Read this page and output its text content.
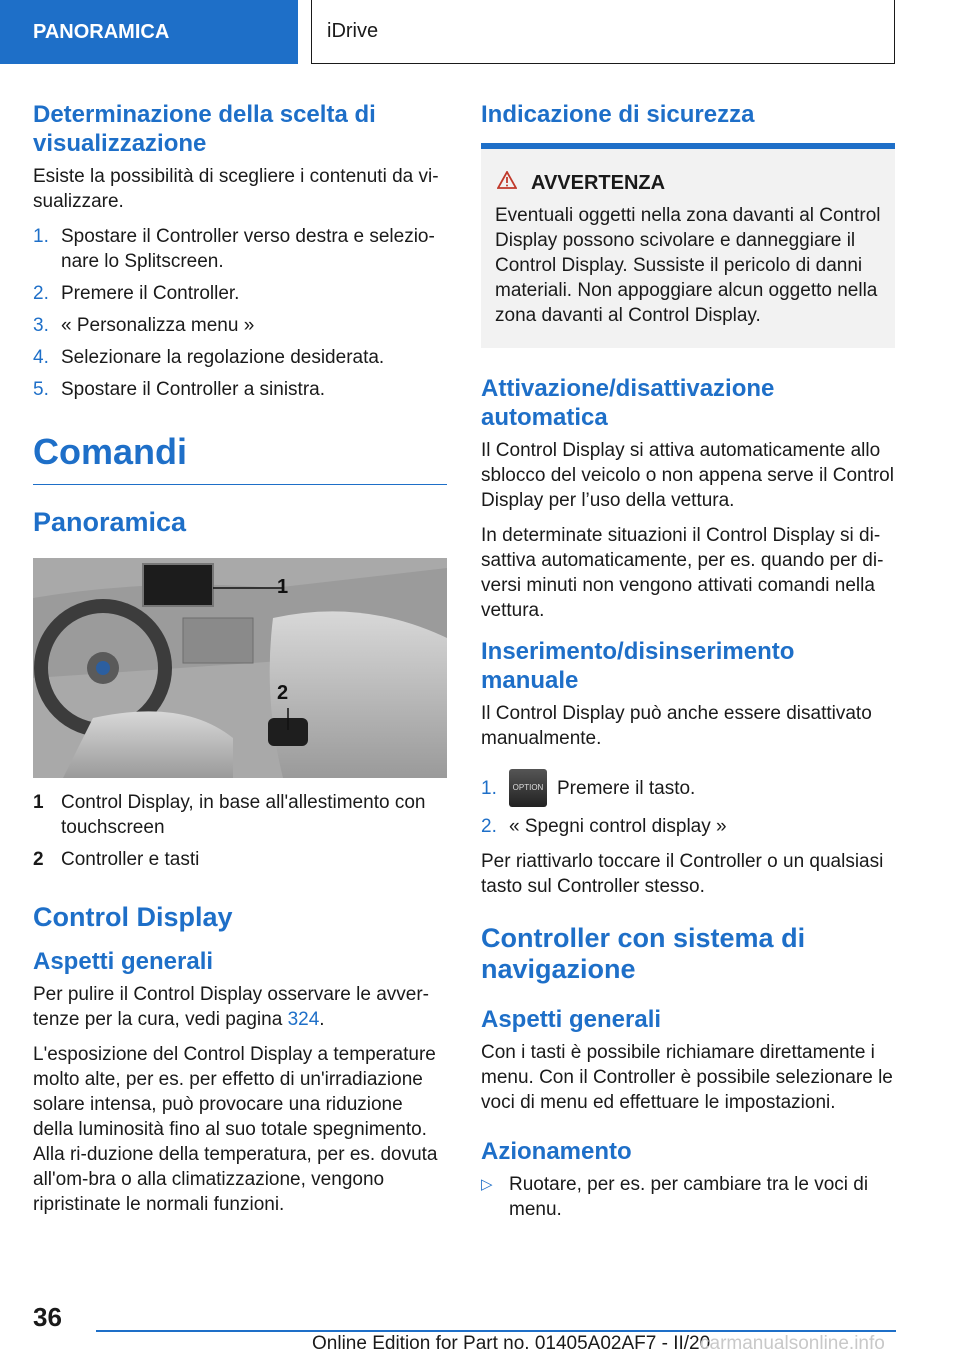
PANORAMICA	iDrive
Determinazione della scelta di visualizzazione

Esiste la possibilità di scegliere i contenuti da vi-sualizzare.

1. Spostare il Controller verso destra e selezio-nare lo Splitscreen.
2. Premere il Controller.
3. « Personalizza menu »
4. Selezionare la regolazione desiderata.
5. Spostare il Controller a sinistra.
Comandi
Panoramica
1
2
1 Control Display, in base all'allestimento con touchscreen
2 Controller e tasti
Control Display
Aspetti generali

Per pulire il Control Display osservare le avver-tenze per la cura, vedi pagina 324.

L'esposizione del Control Display a temperature molto alte, per es. per effetto di un'irradiazione solare intensa, può provocare una riduzione della luminosità fino al suo totale spegnimento. Alla ri-duzione della temperatura, per es. dovuta all'om-bra o alla climatizzazione, vengono ripristinate le normali funzioni.

Indicazione di sicurezza
AVVERTENZA

Eventuali oggetti nella zona davanti al Control Display possono scivolare e danneggiare il Control Display. Sussiste il pericolo di danni materiali. Non appoggiare alcun oggetto nella zona davanti al Control Display.

Attivazione/disattivazione automatica

Il Control Display si attiva automaticamente allo sblocco del veicolo o non appena serve il Control Display per l’uso della vettura.

In determinate situazioni il Control Display si di-sattiva automaticamente, per es. quando per di-versi minuti non vengono attivati comandi nella vettura.

Inserimento/disinserimento manuale

Il Control Display può anche essere disattivato manualmente.

1.	OPTION Premere il tasto.
2. « Spegni control display »

Per riattivarlo toccare il Controller o un qualsiasi tasto sul Controller stesso.

Controller con sistema di navigazione
Aspetti generali

Con i tasti è possibile richiamare direttamente i menu. Con il Controller è possibile selezionare le voci di menu ed effettuare le impostazioni.

Azionamento
▷ Ruotare, per es. per cambiare tra le voci di menu.
36
Online Edition for Part no. 01405A02AF7 - II/20
carmanualsonline.info
